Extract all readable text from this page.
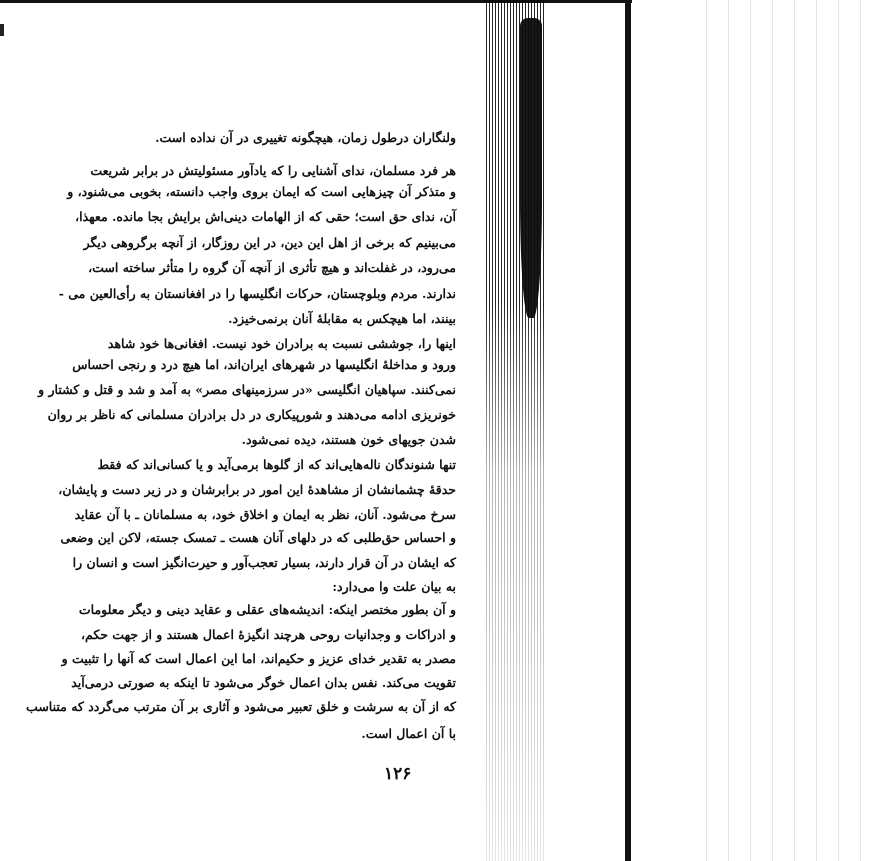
ولنگاران درطول زمان، هیچگونه تغییری در آن نداده است.
هر فرد مسلمان، ندای آشنایی را که یادآور مسئولیتش در برابر شریعت
و متذکر آن چیزهایی است که ایمان بروی واجب دانسته، بخوبی می‌شنود، و
آن، ندای حق است؛ حقی که از الهامات دینی‌اش برایش بجا مانده. معهذا،
می‌بینیم که برخی از اهل این دین، در این روزگار، از آنچه برگروهی دیگر
می‌رود، در غفلت‌اند و هیچ تأثری از آنچه آن گروه را متأثر ساخته است،
ندارند. مردم وبلوچستان، حرکات انگلیسها را در افغانستان به رأی‌العین می -
بینند، اما هیچکس به مقابلهٔ آنان برنمی‌خیزد.
اینها را، جوششی نسبت به برادران خود نیست. افغانی‌ها خود شاهد
ورود و مداخلهٔ انگلیسها در شهرهای ایران‌اند، اما هیچ درد و رنجی احساس
نمی‌کنند. سپاهیان انگلیسی «در سرزمینهای مصر» به آمد و شد و قتل و کشتار و
خونریزی ادامه می‌دهند و شورپیکاری در دل برادران مسلمانی که ناظر بر روان
شدن جویهای خون هستند، دیده نمی‌شود.
تنها شنوندگان ناله‌هایی‌اند که از گلوها برمی‌آید و یا کسانی‌اند که فقط
حدقهٔ چشمانشان از مشاهدهٔ این امور در برابرشان و در زیر دست و پایشان،
سرخ می‌شود. آنان، نظر به ایمان و اخلاق خود، به مسلمانان ـ با آن عقاید
و احساس حق‌طلبی که در دلهای آنان هست ـ تمسک جسته، لاکن این وضعی
که ایشان در آن قرار دارند، بسیار تعجب‌آور و حیرت‌انگیز است و انسان را
به بیان علت وا می‌دارد:
و آن بطور مختصر اینکه: اندیشه‌های عقلی و عقاید دینی و دیگر معلومات
و ادراکات و وجدانیات روحی هرچند انگیزهٔ اعمال هستند و از جهت حکم،
مصدر به تقدیر خدای عزیز و حکیم‌اند، اما این اعمال است که آنها را تثبیت و
تقویت می‌کند. نفس بدان اعمال خوگر می‌شود تا اینکه به صورتی درمی‌آید
که از آن به سرشت و خلق تعبیر می‌شود و آثاری بر آن مترتب می‌گردد که متناسب
با آن اعمال است.
۱۲۶
